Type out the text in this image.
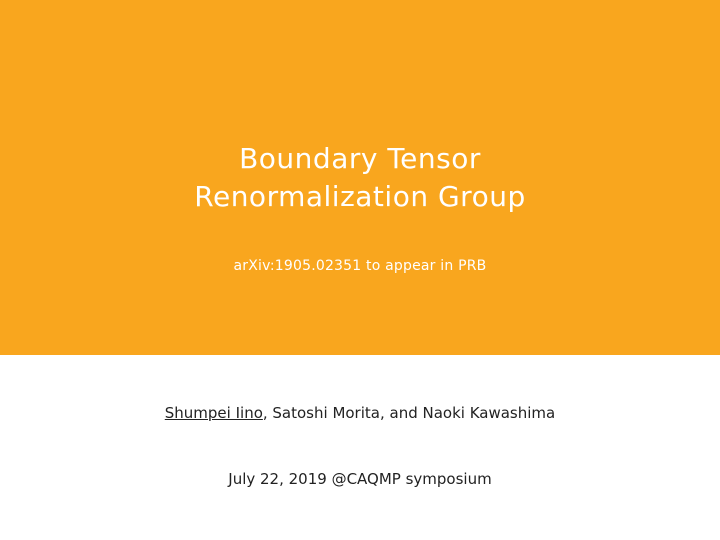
Boundary Tensor
Renormalization Group
arXiv:1905.02351 to appear in PRB
Shumpei Iino, Satoshi Morita, and Naoki Kawashima
July 22, 2019 @CAQMP symposium
